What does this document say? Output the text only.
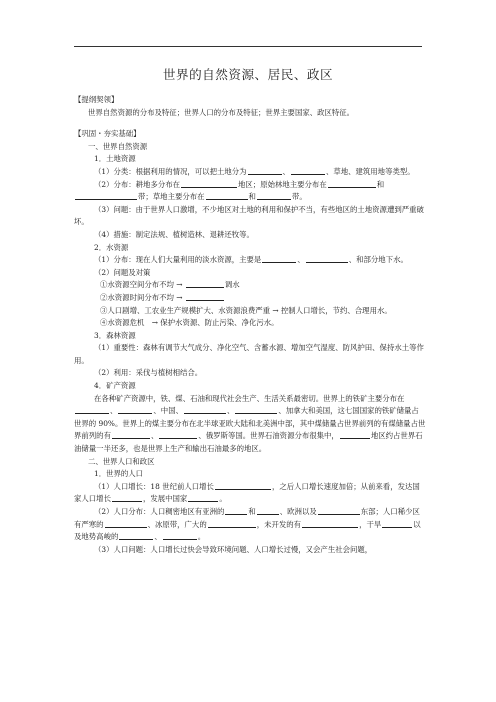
世界的自然资源、居民、政区

【提纲契领】

世界自然资源的分布及特征；世界人口的分布及特征；世界主要国家、政区特征。

【巩固・夯实基础】

一、世界自然资源

1．土地资源

（1）分类：根据利用的情况，可以把土地分为	、	、草地、建筑用地等类型。

（2）分布：耕地多分布在	地区；原始林地主要分布在	和带；草地主要分布在	和	带。

（3）问题：由于世界人口激增，不少地区对土地的利用和保护不当，有些地区的土地资源遭到严重破坏。

（4）措施：制定法规、植树造林、退耕还牧等。

2．水资源

（1）分布：现在人们大量利用的淡水资源，主要是	、	、和部分地下水。

（2）问题及对策

①水资源空间分布不均 →	调水

②水资源时间分布不均 →

③人口剧增、工农业生产规模扩大、水资源浪费严重 → 控制人口增长，节约、合理用水。

④水资源危机　→ 保护水资源、防止污染、净化污水。

3．森林资源

（1）重要性：森林有调节大气成分、净化空气、含蓄水源、增加空气湿度、防风护田、保持水土等作用。

（2）利用：采伐与植树相结合。

4．矿产资源

在各种矿产资源中，铁、煤、石油和现代社会生产、生活关系最密切。世界上的铁矿主要分布在、	、中国、	、	、加拿大和美国，这七国国家的铁矿储量占世界的 90%。世界上的煤主要分布在北半球亚欧大陆和北美洲中部，其中煤储量占世界前列的有煤储量占世界前列的有	、	、俄罗斯等国。世界石油资源分布很集中，	地区约占世界石油储量一半还多，也是世界上生产和输出石油最多的地区。

二、世界人口和政区

1．世界的人口

（1）人口增长：18 世纪前人口增长	，之后人口增长速度加倍；从前来看，发达国家人口增长	，发展中国家	。

（2）人口分布：人口稠密地区有亚洲的	和	、欧洲以及	东部；人口稀少区有严寒的	、冰原带，广大的	，未开发的有	，干旱	以及地势高峻的	、	。

（3）人口问题：人口增长过快会导致环境问题、人口增长过慢，又会产生社会问题，
